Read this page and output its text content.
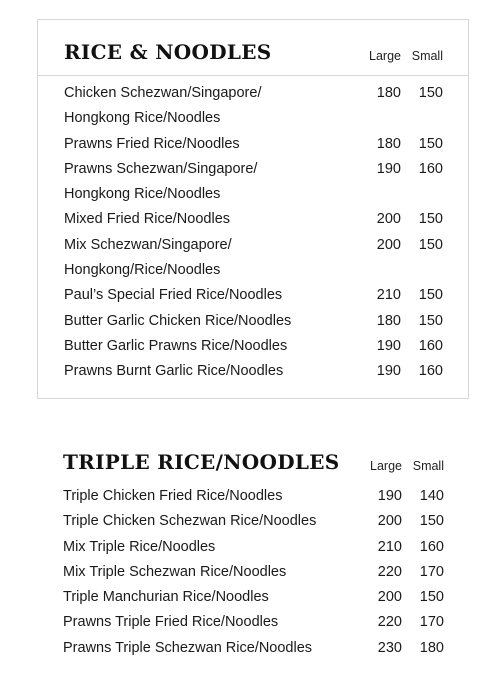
RICE & NOODLES	Large Small
Chicken Schezwan/Singapore/	180 150
Hongkong Rice/Noodles
Prawns Fried Rice/Noodles	180 150
Prawns Schezwan/Singapore/	190 160
Hongkong Rice/Noodles
Mixed Fried Rice/Noodles	200 150
Mix Schezwan/Singapore/	200 150
Hongkong/Rice/Noodles
Paul’s Special Fried Rice/Noodles	210 150
Butter Garlic Chicken Rice/Noodles	180 150
Butter Garlic Prawns Rice/Noodles	190 160
Prawns Burnt Garlic Rice/Noodles	190 160
TRIPLE RICE/NOODLES Large Small
Triple Chicken Fried Rice/Noodles	190 140
Triple Chicken Schezwan Rice/Noodles	200 150
Mix Triple Rice/Noodles	210 160
Mix Triple Schezwan Rice/Noodles	220 170
Triple Manchurian Rice/Noodles	200 150
Prawns Triple Fried Rice/Noodles	220 170
Prawns Triple Schezwan Rice/Noodles	230 180
